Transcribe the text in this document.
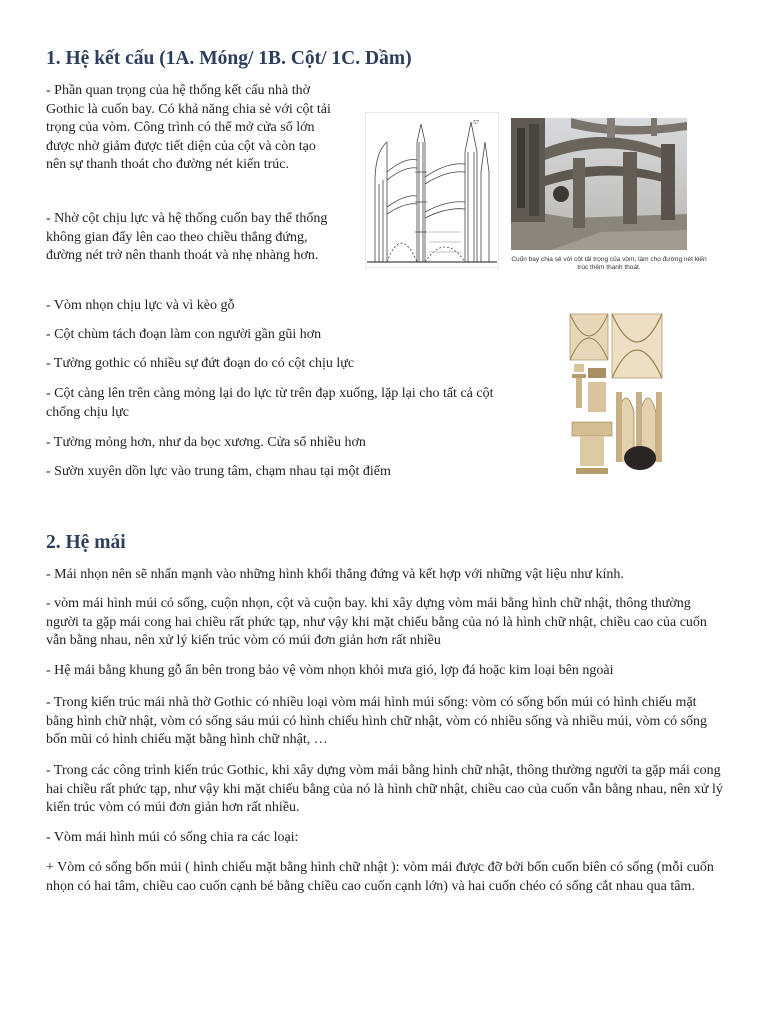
1. Hệ kết cấu (1A. Móng/ 1B. Cột/ 1C. Dầm)

- Phần quan trọng của hệ thống kết cấu nhà thờ Gothic là cuốn bay. Có khả năng chia sẻ với cột tải trọng của vòm. Công trình có thể mở cửa sổ lớn được nhờ giảm được tiết diện của cột và còn tạo nên sự thanh thoát cho đường nét kiến trúc.

- Nhờ cột chịu lực và hệ thống cuốn bay thể thống không gian đẩy lên cao theo chiều thẳng đứng, đường nét trở nên thanh thoát và nhẹ nhàng hơn.

- Vòm nhọn chịu lực và vì kèo gỗ

- Cột chùm tách đoạn làm con người gần gũi hơn

- Tường gothic có nhiều sự đứt đoạn do có cột chịu lực

- Cột càng lên trên càng mỏng lại do lực từ trên đạp xuống, lặp lại cho tất cả cột chống chịu lực

- Tường mỏng hơn, như da bọc xương. Cửa sổ nhiều hơn

- Sườn xuyên dồn lực vào trung tâm, chạm nhau tại một điểm

57
Cuốn bay chia sẻ với cột tải trọng của vòm, làm cho đường nét kiến trúc thêm thanh thoát.
2. Hệ mái

- Mái nhọn nên sẽ nhấn mạnh vào những hình khối thẳng đứng và kết hợp với những vật liệu như kính.

- vòm mái hình múi có sống, cuộn nhọn, cột và cuộn bay. khi xây dựng vòm mái bằng hình chữ nhật, thông thường người ta gặp mái cong hai chiều rất phức tạp, như vậy khi mặt chiếu bằng của nó là hình chữ nhật, chiều cao của cuốn vẫn bằng nhau, nên xử lý kiến trúc vòm có múi đơn giản hơn rất nhiều

- Hệ mái bằng khung gỗ ẩn bên trong bảo vệ vòm nhọn khỏi mưa gió, lợp đá hoặc kim loại bên ngoài

- Trong kiến trúc mái nhà thờ Gothic có nhiều loại vòm mái hình múi sống: vòm có sống bốn múi có hình chiếu mặt bằng hình chữ nhật, vòm có sống sáu múi có hình chiếu hình chữ nhật, vòm có nhiều sống và nhiều múi, vòm có sống bốn mũi có hình chiếu mặt bằng hình chữ nhật, …

- Trong các công trình kiến trúc Gothic, khi xây dựng vòm mái bằng hình chữ nhật, thông thường người ta gặp mái cong hai chiều rất phức tạp, như vậy khi mặt chiếu bằng của nó là hình chữ nhật, chiều cao của cuốn vẫn bằng nhau, nên xử lý kiến trúc vòm có múi đơn giản hơn rất nhiều.

- Vòm mái hình múi có sống chia ra các loại:

+ Vòm có sống bốn múi ( hình chiếu mặt bằng hình chữ nhật ): vòm mái được đỡ bởi bốn cuốn biên có sống (mỗi cuốn nhọn có hai tâm, chiều cao cuốn cạnh bé bằng chiều cao cuốn cạnh lớn) và hai cuốn chéo có sống cắt nhau qua tâm.
